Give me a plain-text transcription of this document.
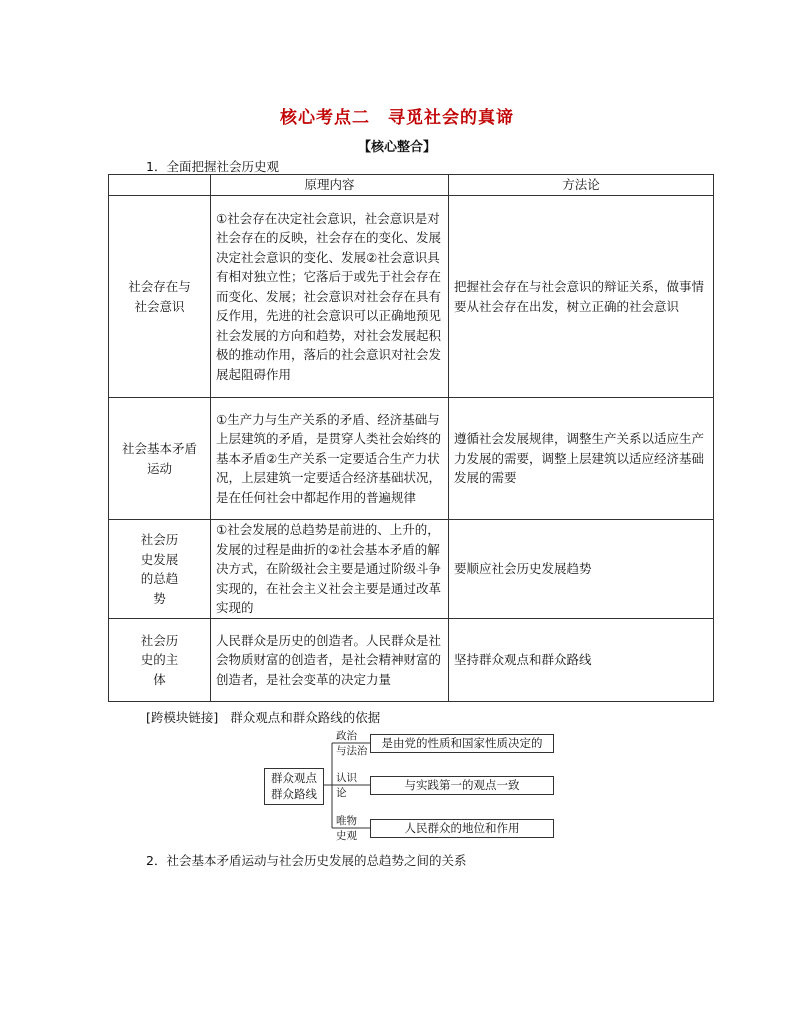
核心考点二　寻觅社会的真谛
【核心整合】
1．全面把握社会历史观
	原理内容	方法论

社会存在与社会意识	①社会存在决定社会意识，社会意识是对社会存在的反映，社会存在的变化、发展决定社会意识的变化、发展②社会意识具有相对独立性；它落后于或先于社会存在而变化、发展；社会意识对社会存在具有反作用，先进的社会意识可以正确地预见社会发展的方向和趋势，对社会发展起积极的推动作用，落后的社会意识对社会发展起阻碍作用	把握社会存在与社会意识的辩证关系，做事情要从社会存在出发，树立正确的社会意识

社会基本矛盾运动	①生产力与生产关系的矛盾、经济基础与上层建筑的矛盾，是贯穿人类社会始终的基本矛盾②生产关系一定要适合生产力状况，上层建筑一定要适合经济基础状况，是在任何社会中都起作用的普遍规律	遵循社会发展规律，调整生产关系以适应生产力发展的需要，调整上层建筑以适应经济基础发展的需要

社会历史发展的总趋势	①社会发展的总趋势是前进的、上升的，发展的过程是曲折的②社会基本矛盾的解决方式，在阶级社会主要是通过阶级斗争实现的，在社会主义社会主要是通过改革实现的	要顺应社会历史发展趋势

社会历史的主体	人民群众是历史的创造者。人民群众是社会物质财富的创造者，是社会精神财富的创造者，是社会变革的决定力量	坚持群众观点和群众路线
[跨模块链接] 群众观点和群众路线的依据
群众观点
群众路线
政治
与法治
是由党的性质和国家性质决定的
认识
论
与实践第一的观点一致
唯物
史观
人民群众的地位和作用
2．社会基本矛盾运动与社会历史发展的总趋势之间的关系
